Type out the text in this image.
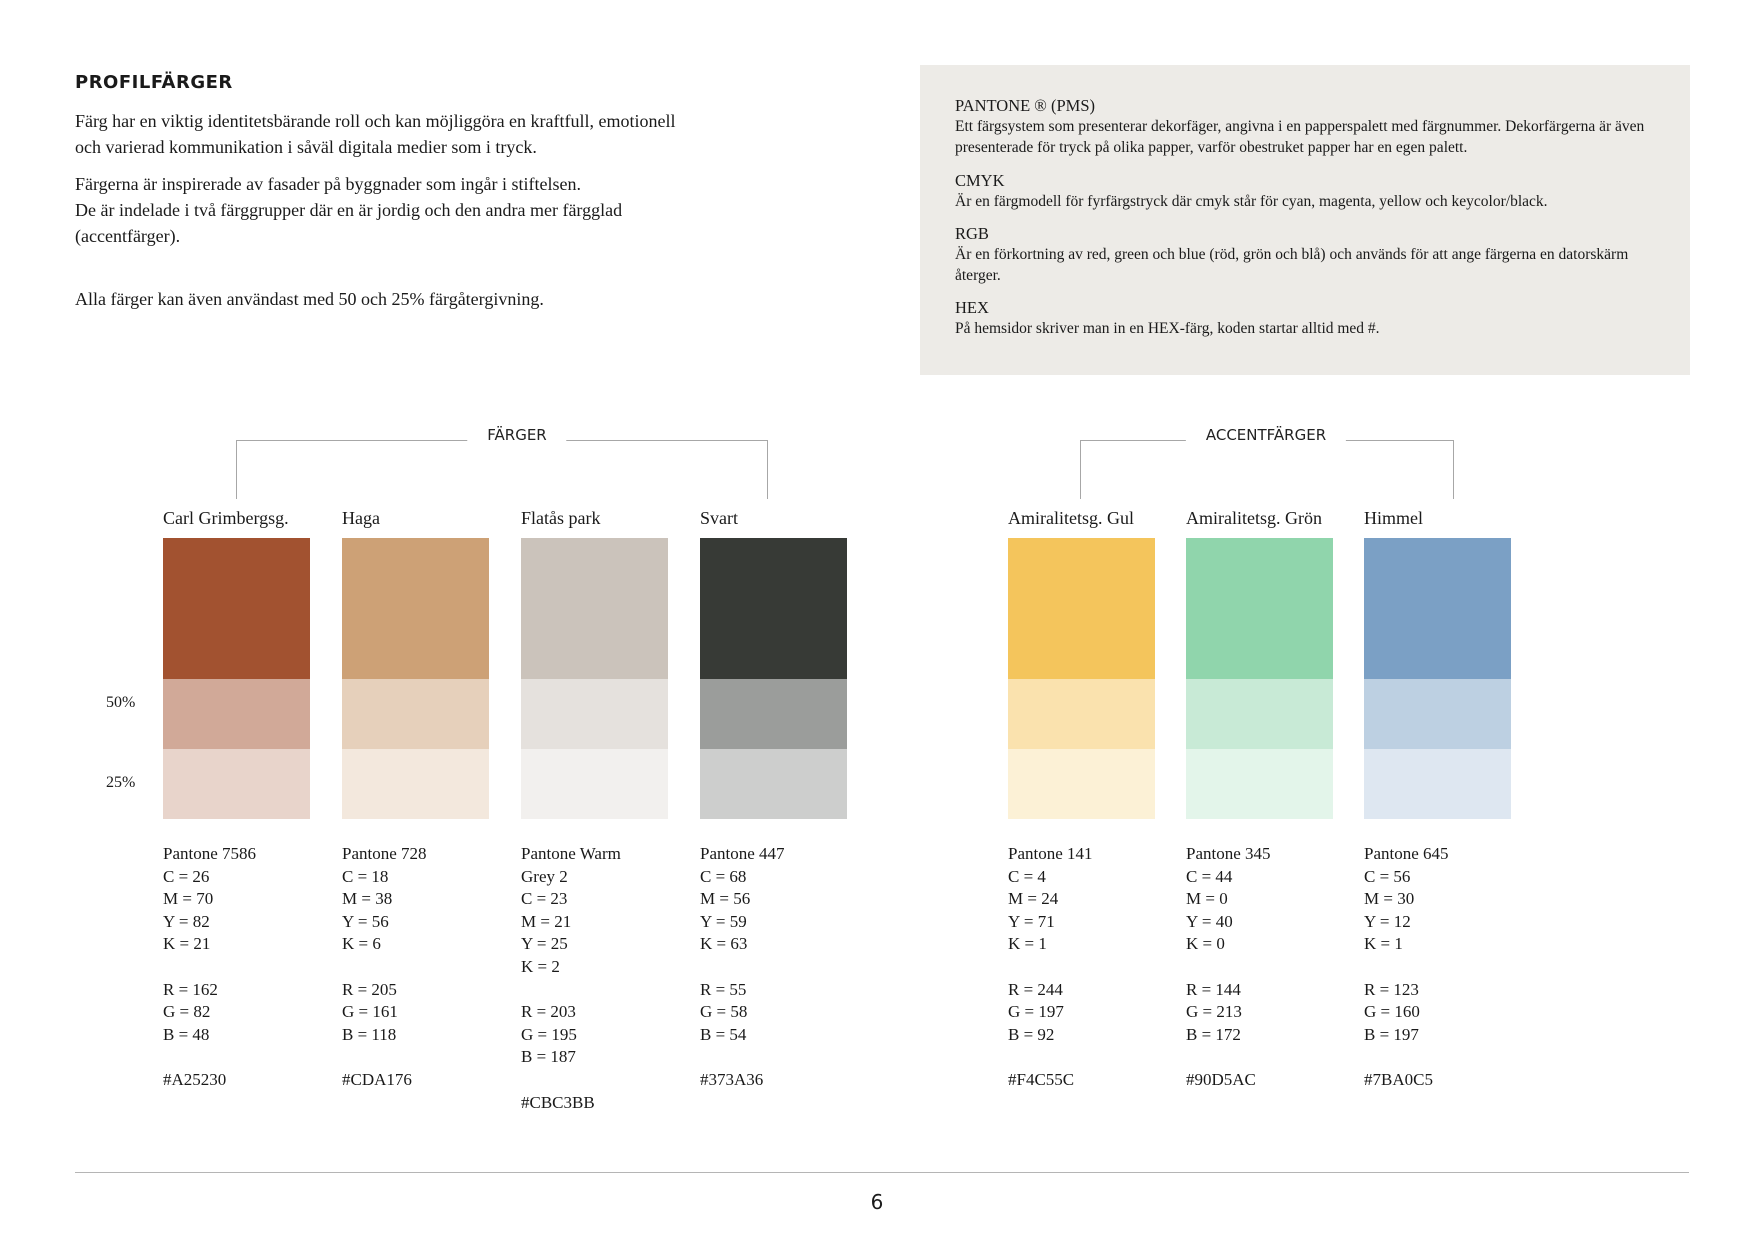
PROFILFÄRGER

Färg har en viktig identitetsbärande roll och kan möjliggöra en kraftfull, emotionell och varierad kommunikation i såväl digitala medier som i tryck.

Färgerna är inspirerade av fasader på byggnader som ingår i stiftelsen.
De är indelade i två färggrupper där en är jordig och den andra mer färgglad (accentfärger).

Alla färger kan även användast med 50 och 25% färgåtergivning.

PANTONE ® (PMS)
Ett färgsystem som presenterar dekorfäger, angivna i en papperspalett med färgnummer. Dekorfärgerna är även presenterade för tryck på olika papper, varför obestruket papper har en egen palett.
CMYK
Är en färgmodell för fyrfärgstryck där cmyk står för cyan, magenta, yellow och keycolor/black.
RGB
Är en förkortning av red, green och blue (röd, grön och blå) och används för att ange färgerna en datorskärm återger.
HEX
På hemsidor skriver man in en HEX-färg, koden startar alltid med #.
FÄRGER	ACCENTFÄRGER
50%
25%
Carl Grimbergsg.
Pantone 7586
C = 26
M = 70
Y = 82
K = 21

R = 162
G = 82
B = 48

#A25230
Haga
Pantone 728
C = 18
M = 38
Y = 56
K = 6

R = 205
G = 161
B = 118

#CDA176
Flatås park
Pantone Warm
Grey 2
C = 23
M = 21
Y = 25
K = 2

R = 203
G = 195
B = 187

#CBC3BB
Svart
Pantone 447
C = 68
M = 56
Y = 59
K = 63

R = 55
G = 58
B = 54

#373A36
Amiralitetsg. Gul
Pantone 141
C = 4
M = 24
Y = 71
K = 1

R = 244
G = 197
B = 92

#F4C55C
Amiralitetsg. Grön
Pantone 345
C = 44
M = 0
Y = 40
K = 0

R = 144
G = 213
B = 172

#90D5AC
Himmel
Pantone 645
C = 56
M = 30
Y = 12
K = 1

R = 123
G = 160
B = 197

#7BA0C5
6
